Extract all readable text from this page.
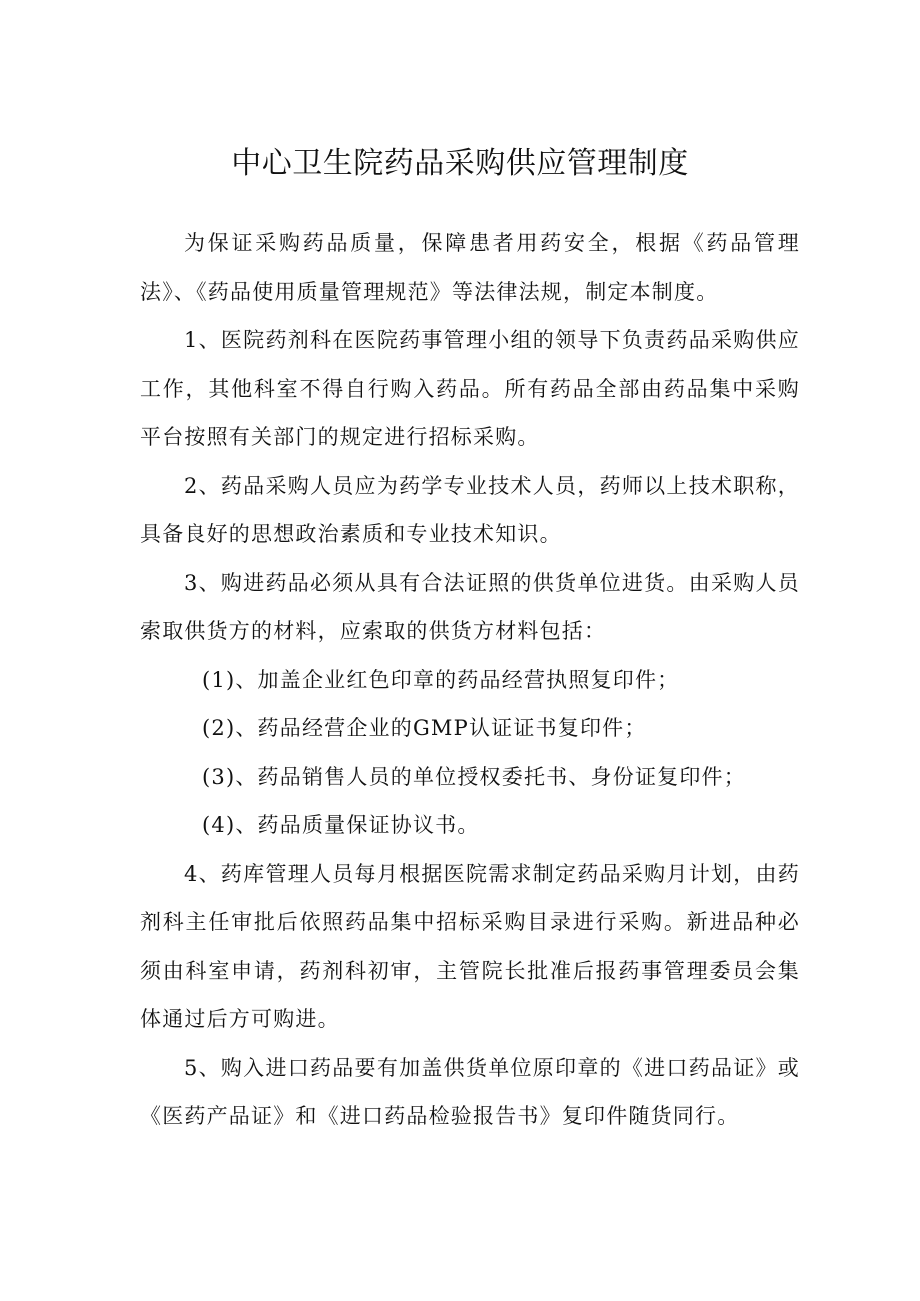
中心卫生院药品采购供应管理制度

为保证采购药品质量，保障患者用药安全，根据《药品管理法》、《药品使用质量管理规范》等法律法规，制定本制度。

1、医院药剂科在医院药事管理小组的领导下负责药品采购供应工作，其他科室不得自行购入药品。所有药品全部由药品集中采购平台按照有关部门的规定进行招标采购。

2、药品采购人员应为药学专业技术人员，药师以上技术职称，具备良好的思想政治素质和专业技术知识。

3、购进药品必须从具有合法证照的供货单位进货。由采购人员索取供货方的材料，应索取的供货方材料包括：

(1)、加盖企业红色印章的药品经营执照复印件；

(2)、药品经营企业的GMP认证证书复印件；

(3)、药品销售人员的单位授权委托书、身份证复印件；

(4)、药品质量保证协议书。

4、药库管理人员每月根据医院需求制定药品采购月计划，由药剂科主任审批后依照药品集中招标采购目录进行采购。新进品种必须由科室申请，药剂科初审，主管院长批准后报药事管理委员会集体通过后方可购进。

5、购入进口药品要有加盖供货单位原印章的《进口药品证》或《医药产品证》和《进口药品检验报告书》复印件随货同行。
